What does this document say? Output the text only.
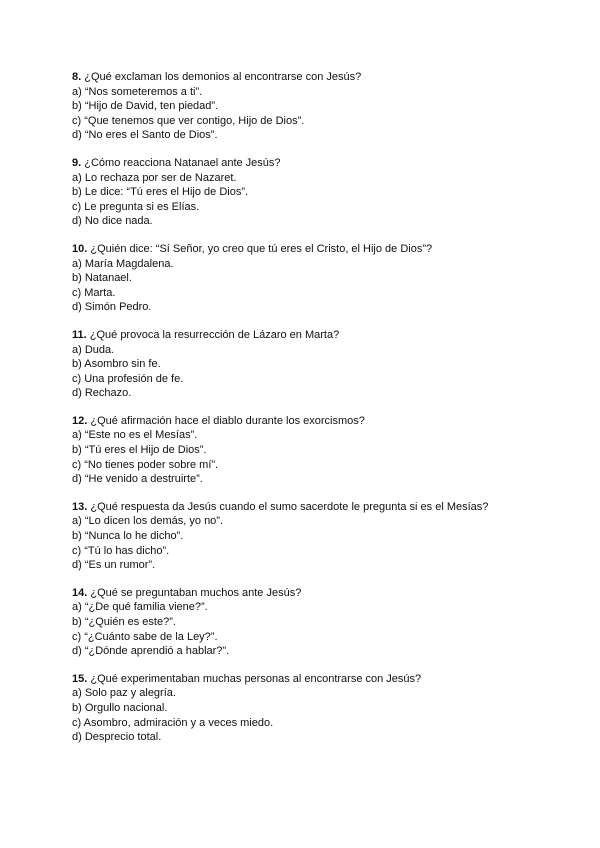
8. ¿Qué exclaman los demonios al encontrarse con Jesús?
a) “Nos someteremos a ti”.
b) “Hijo de David, ten piedad”.
c) “Que tenemos que ver contigo, Hijo de Dios”.
d) “No eres el Santo de Dios”.
9. ¿Cómo reacciona Natanael ante Jesús?
a) Lo rechaza por ser de Nazaret.
b) Le dice: “Tú eres el Hijo de Dios”.
c) Le pregunta si es Elías.
d) No dice nada.
10. ¿Quién dice: “Sí Señor, yo creo que tú eres el Cristo, el Hijo de Dios”?
a) María Magdalena.
b) Natanael.
c) Marta.
d) Simón Pedro.
11. ¿Qué provoca la resurrección de Lázaro en Marta?
a) Duda.
b) Asombro sin fe.
c) Una profesión de fe.
d) Rechazo.
12. ¿Qué afirmación hace el diablo durante los exorcismos?
a) “Este no es el Mesías”.
b) “Tú eres el Hijo de Dios”.
c) “No tienes poder sobre mí”.
d) “He venido a destruirte”.
13. ¿Qué respuesta da Jesús cuando el sumo sacerdote le pregunta si es el Mesías?
a) “Lo dicen los demás, yo no”.
b) “Nunca lo he dicho”.
c) “Tú lo has dicho”.
d) “Es un rumor”.
14. ¿Qué se preguntaban muchos ante Jesús?
a) “¿De qué familia viene?”.
b) “¿Quién es este?”.
c) “¿Cuánto sabe de la Ley?”.
d) “¿Dónde aprendió a hablar?”.
15. ¿Qué experimentaban muchas personas al encontrarse con Jesús?
a) Solo paz y alegría.
b) Orgullo nacional.
c) Asombro, admiración y a veces miedo.
d) Desprecio total.
